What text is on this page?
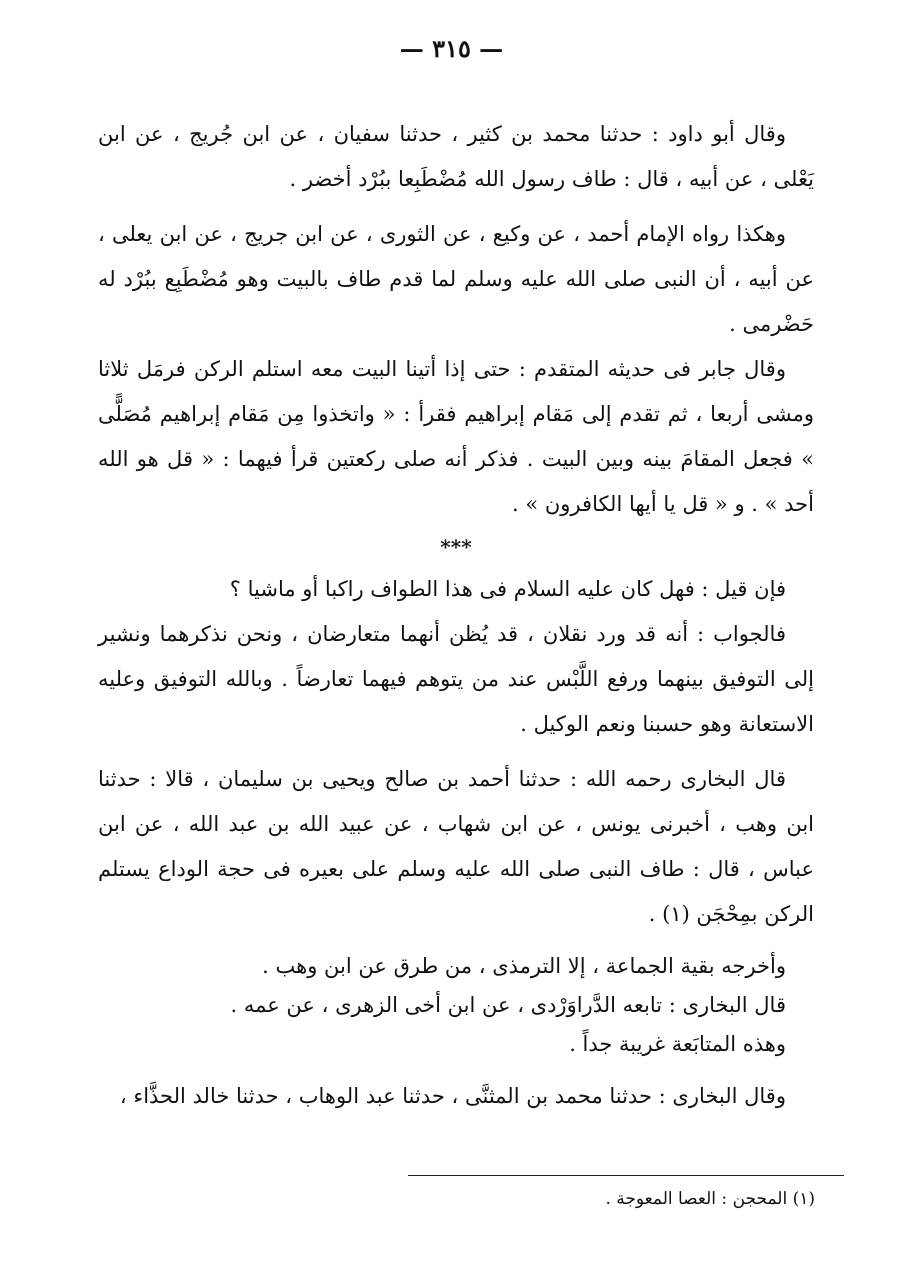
— ٣١٥ —

وقال أبو داود : حدثنا محمد بن كثير ، حدثنا سفيان ، عن ابن جُريج ، عن ابن يَعْلى ، عن أبيه ، قال : طاف رسول الله مُضْطَبِعا ببُرْد أخضر .

وهكذا رواه الإمام أحمد ، عن وكيع ، عن الثورى ، عن ابن جريج ، عن ابن يعلى ، عن أبيه ، أن النبى صلى الله عليه وسلم لما قدم طاف بالبيت وهو مُضْطَبِع ببُرْد له حَضْرمى .

وقال جابر فى حديثه المتقدم : حتى إذا أتينا البيت معه استلم الركن فرمَل ثلاثا ومشى أربعا ، ثم تقدم إلى مَقام إبراهيم فقرأ : « واتخذوا مِن مَقام إبراهيم مُصَلًّى » فجعل المقامَ بينه وبين البيت . فذكر أنه صلى ركعتين قرأ فيهما : « قل هو الله أحد » . و « قل يا أيها الكافرون » .

***

فإن قيل : فهل كان عليه السلام فى هذا الطواف راكبا أو ماشيا ؟

فالجواب : أنه قد ورد نقلان ، قد يُظن أنهما متعارضان ، ونحن نذكرهما ونشير إلى التوفيق بينهما ورفع اللَّبْس عند من يتوهم فيهما تعارضاً . وبالله التوفيق وعليه الاستعانة وهو حسبنا ونعم الوكيل .

قال البخارى رحمه الله : حدثنا أحمد بن صالح ويحيى بن سليمان ، قالا : حدثنا ابن وهب ، أخبرنى يونس ، عن ابن شهاب ، عن عبيد الله بن عبد الله ، عن ابن عباس ، قال : طاف النبى صلى الله عليه وسلم على بعيره فى حجة الوداع يستلم الركن بمِحْجَن (١) .

وأخرجه بقية الجماعة ، إلا الترمذى ، من طرق عن ابن وهب .

قال البخارى : تابعه الدَّراوَرْدى ، عن ابن أخى الزهرى ، عن عمه .

وهذه المتابَعة غريبة جداً .

وقال البخارى : حدثنا محمد بن المثنَّى ، حدثنا عبد الوهاب ، حدثنا خالد الحذَّاء ،

(١) المحجن : العصا المعوجة .
